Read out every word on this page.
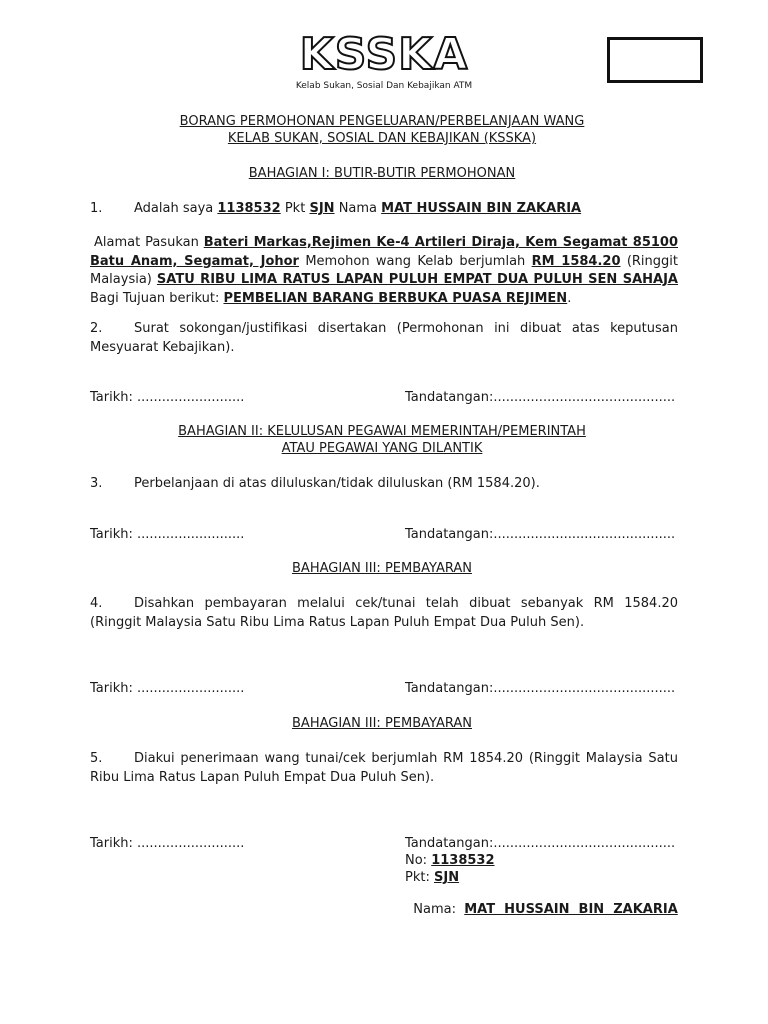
KSSKA
Kelab Sukan, Sosial Dan Kebajikan ATM
BORANG PERMOHONAN PENGELUARAN/PERBELANJAAN WANG
KELAB SUKAN, SOSIAL DAN KEBAJIKAN (KSSKA)
BAHAGIAN I: BUTIR-BUTIR PERMOHONAN
1. Adalah saya 1138532 Pkt SJN Nama MAT HUSSAIN BIN ZAKARIA
Alamat Pasukan Bateri Markas,Rejimen Ke-4 Artileri Diraja, Kem Segamat 85100 Batu Anam, Segamat, Johor Memohon wang Kelab berjumlah RM 1584.20 (Ringgit Malaysia) SATU RIBU LIMA RATUS LAPAN PULUH EMPAT DUA PULUH SEN SAHAJA Bagi Tujuan berikut: PEMBELIAN BARANG BERBUKA PUASA REJIMEN.
2. Surat sokongan/justifikasi disertakan (Permohonan ini dibuat atas keputusan Mesyuarat Kebajikan).
Tarikh: ..........................	Tandatangan:............................................
BAHAGIAN II: KELULUSAN PEGAWAI MEMERINTAH/PEMERINTAH
ATAU PEGAWAI YANG DILANTIK
3. Perbelanjaan di atas diluluskan/tidak diluluskan (RM 1584.20).
Tarikh: ..........................	Tandatangan:............................................
BAHAGIAN III: PEMBAYARAN
4. Disahkan pembayaran melalui cek/tunai telah dibuat sebanyak RM 1584.20 (Ringgit Malaysia Satu Ribu Lima Ratus Lapan Puluh Empat Dua Puluh Sen).
Tarikh: ..........................	Tandatangan:............................................
BAHAGIAN III: PEMBAYARAN
5. Diakui penerimaan wang tunai/cek berjumlah RM 1854.20 (Ringgit Malaysia Satu Ribu Lima Ratus Lapan Puluh Empat Dua Puluh Sen).
Tarikh: ..........................	Tandatangan:............................................
No: 1138532
Pkt: SJN

Nama: MAT  HUSSAIN  BIN  ZAKARIA
